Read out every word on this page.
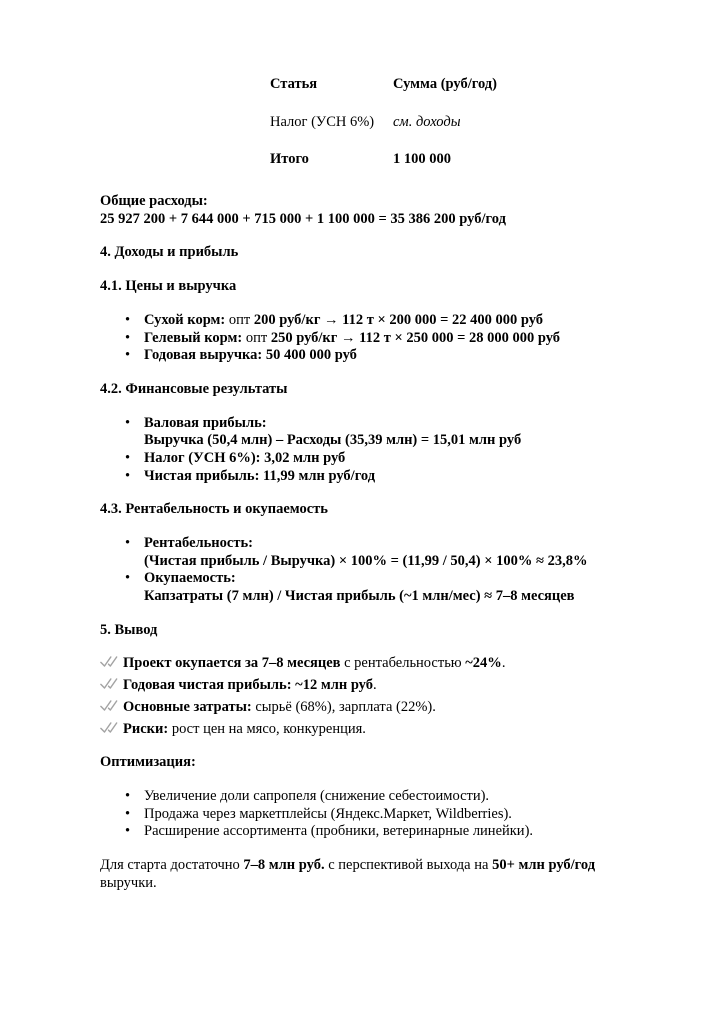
Статья	Сумма (руб/год)
Налог (УСН 6%)	см. доходы
Итого	1 100 000

Общие расходы:
25 927 200 + 7 644 000 + 715 000 + 1 100 000 = 35 386 200 руб/год

4. Доходы и прибыль

4.1. Цены и выручка

• Сухой корм: опт 200 руб/кг → 112 т × 200 000 = 22 400 000 руб
• Гелевый корм: опт 250 руб/кг → 112 т × 250 000 = 28 000 000 руб
• Годовая выручка: 50 400 000 руб

4.2. Финансовые результаты

• Валовая прибыль:
Выручка (50,4 млн) – Расходы (35,39 млн) = 15,01 млн руб
• Налог (УСН 6%): 3,02 млн руб
• Чистая прибыль: 11,99 млн руб/год

4.3. Рентабельность и окупаемость

• Рентабельность:
(Чистая прибыль / Выручка) × 100% = (11,99 / 50,4) × 100% ≈ 23,8%
• Окупаемость:
Капзатраты (7 млн) / Чистая прибыль (~1 млн/мес) ≈ 7–8 месяцев

5. Вывод

Проект окупается за 7–8 месяцев с рентабельностью ~24%.
Годовая чистая прибыль: ~12 млн руб.
Основные затраты: сырьё (68%), зарплата (22%).
Риски: рост цен на мясо, конкуренция.

Оптимизация:

• Увеличение доли сапропеля (снижение себестоимости).
• Продажа через маркетплейсы (Яндекс.Маркет, Wildberries).
• Расширение ассортимента (пробники, ветеринарные линейки).

Для старта достаточно 7–8 млн руб. с перспективой выхода на 50+ млн руб/год выручки.
